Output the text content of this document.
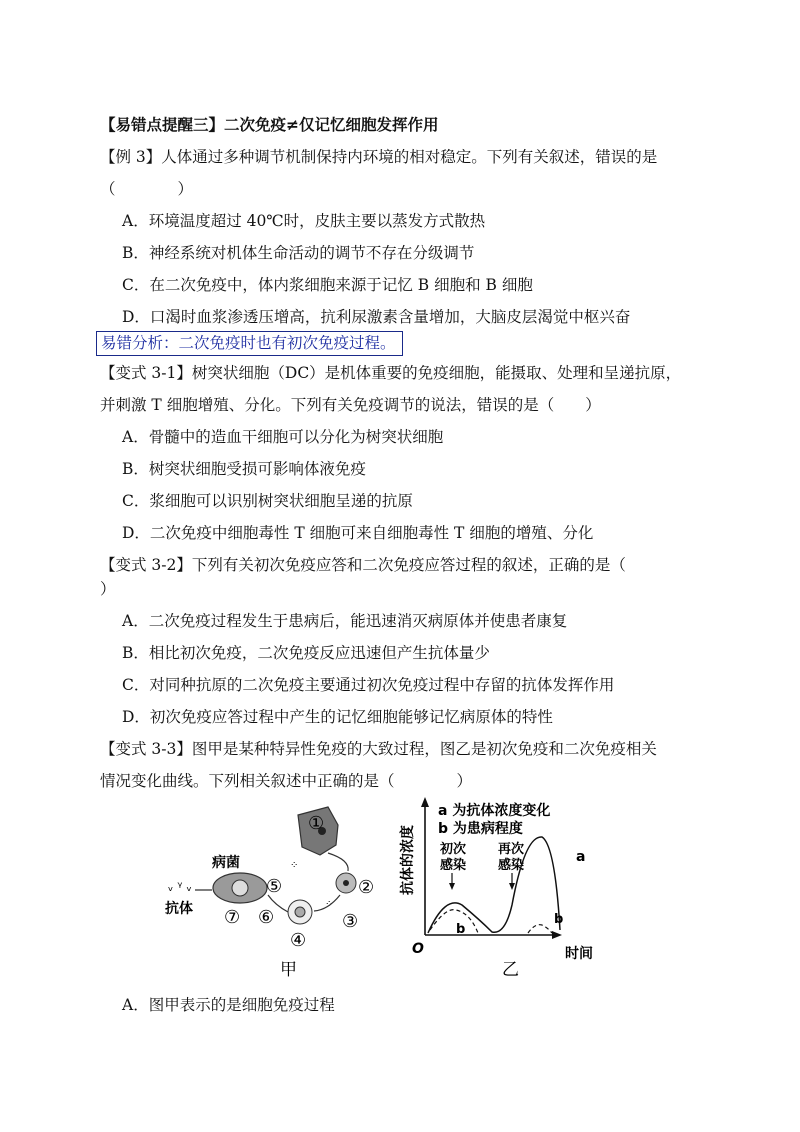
【易错点提醒三】二次免疫≠仅记忆细胞发挥作用
【例 3】人体通过多种调节机制保持内环境的相对稳定。下列有关叙述，错误的是
（　　　　）
A．环境温度超过 40℃时，皮肤主要以蒸发方式散热
B．神经系统对机体生命活动的调节不存在分级调节
C．在二次免疫中，体内浆细胞来源于记忆 B 细胞和 B 细胞
D．口渴时血浆渗透压增高，抗利尿激素含量增加，大脑皮层渴觉中枢兴奋
易错分析：二次免疫时也有初次免疫过程。
【变式 3-1】树突状细胞（DC）是机体重要的免疫细胞，能摄取、处理和呈递抗原，
并刺激 T 细胞增殖、分化。下列有关免疫调节的说法，错误的是（　　）
A．骨髓中的造血干细胞可以分化为树突状细胞
B．树突状细胞受损可影响体液免疫
C．浆细胞可以识别树突状细胞呈递的抗原
D．二次免疫中细胞毒性 T 细胞可来自细胞毒性 T 细胞的增殖、分化
【变式 3-2】下列有关初次免疫应答和二次免疫应答过程的叙述，正确的是（
）
A．二次免疫过程发生于患病后，能迅速消灭病原体并使患者康复
B．相比初次免疫，二次免疫反应迅速但产生抗体量少
C．对同种抗原的二次免疫主要通过初次免疫过程中存留的抗体发挥作用
D．初次免疫应答过程中产生的记忆细胞能够记忆病原体的特性
【变式 3-3】图甲是某种特异性免疫的大致过程，图乙是初次免疫和二次免疫相关
情况变化曲线。下列相关叙述中正确的是（　　　　）
ᵥ ᵞ ᵥ
抗体
病菌	⁘
⁘
①
②
③
④
⑤
⑥
⑦
甲
O	时间
抗体的浓度
a 为抗体浓度变化
b 为患病程度
初次
感染
再次
感染
a
b
b
乙
A．图甲表示的是细胞免疫过程
